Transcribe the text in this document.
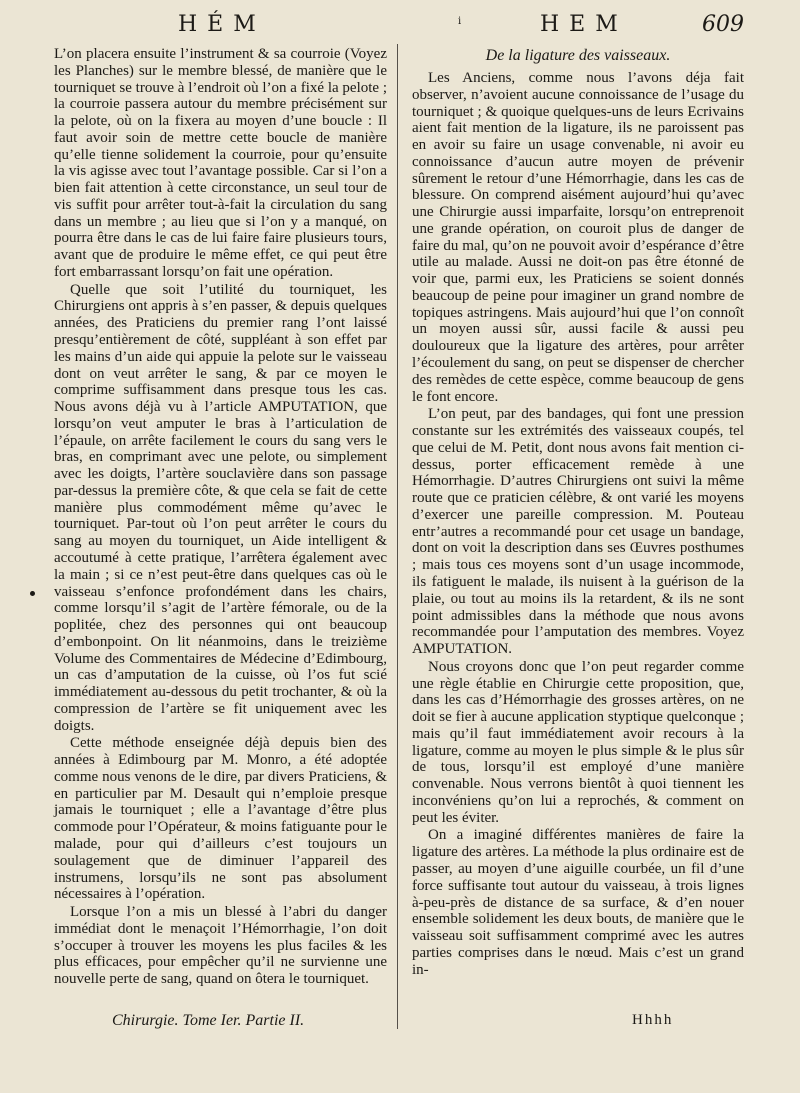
HÉM	i	HEM	609

L’on placera ensuite l’instrument & sa courroie (Voyez les Planches) sur le membre blessé, de manière que le tourniquet se trouve à l’endroit où l’on a fixé la pelote ; la courroie passera autour du membre précisément sur la pelote, où on la fixera au moyen d’une boucle : Il faut avoir soin de mettre cette boucle de manière qu’elle tienne solidement la courroie, pour qu’ensuite la vis agisse avec tout l’avantage possible. Car si l’on a bien fait attention à cette circonstance, un seul tour de vis suffit pour arrêter tout-à-fait la circulation du sang dans un membre ; au lieu que si l’on y a manqué, on pourra être dans le cas de lui faire faire plusieurs tours, avant que de produire le même effet, ce qui peut être fort embarrassant lorsqu’on fait une opération.

Quelle que soit l’utilité du tourniquet, les Chirurgiens ont appris à s’en passer, & depuis quelques années, des Praticiens du premier rang l’ont laissé presqu’entièrement de côté, suppléant à son effet par les mains d’un aide qui appuie la pelote sur le vaisseau dont on veut arrêter le sang, & par ce moyen le comprime suffisamment dans presque tous les cas. Nous avons déjà vu à l’article AMPUTATION, que lorsqu’on veut amputer le bras à l’articulation de l’épaule, on arrête facilement le cours du sang vers le bras, en comprimant avec une pelote, ou simplement avec les doigts, l’artère souclavière dans son passage par-dessus la première côte, & que cela se fait de cette manière plus commodément même qu’avec le tourniquet. Par-tout où l’on peut arrêter le cours du sang au moyen du tourniquet, un Aide intelligent & accoutumé à cette pratique, l’arrêtera également avec la main ; si ce n’est peut-être dans quelques cas où le vaisseau s’enfonce profondément dans les chairs, comme lorsqu’il s’agit de l’artère fémorale, ou de la poplitée, chez des personnes qui ont beaucoup d’embonpoint. On lit néanmoins, dans le treizième Volume des Commentaires de Médecine d’Edimbourg, un cas d’amputation de la cuisse, où l’os fut scié immédiatement au-dessous du petit trochanter, & où la compression de l’artère se fit uniquement avec les doigts.

Cette méthode enseignée déjà depuis bien des années à Edimbourg par M. Monro, a été adoptée comme nous venons de le dire, par divers Praticiens, & en particulier par M. Desault qui n’emploie presque jamais le tourniquet ; elle a l’avantage d’être plus commode pour l’Opérateur, & moins fatiguante pour le malade, pour qui d’ailleurs c’est toujours un soulagement que de diminuer l’appareil des instrumens, lorsqu’ils ne sont pas absolument nécessaires à l’opération.

Lorsque l’on a mis un blessé à l’abri du danger immédiat dont le menaçoit l’Hémorrhagie, l’on doit s’occuper à trouver les moyens les plus faciles & les plus efficaces, pour empêcher qu’il ne survienne une nouvelle perte de sang, quand on ôtera le tourniquet.

De la ligature des vaisseaux.

Les Anciens, comme nous l’avons déja fait observer, n’avoient aucune connoissance de l’usage du tourniquet ; & quoique quelques-uns de leurs Ecrivains aient fait mention de la ligature, ils ne paroissent pas en avoir su faire un usage convenable, ni avoir eu connoissance d’aucun autre moyen de prévenir sûrement le retour d’une Hémorrhagie, dans les cas de blessure. On comprend aisément aujourd’hui qu’avec une Chirurgie aussi imparfaite, lorsqu’on entreprenoit une grande opération, on couroit plus de danger de faire du mal, qu’on ne pouvoit avoir d’espérance d’être utile au malade. Aussi ne doit-on pas être étonné de voir que, parmi eux, les Praticiens se soient donnés beaucoup de peine pour imaginer un grand nombre de topiques astringens. Mais aujourd’hui que l’on connoît un moyen aussi sûr, aussi facile & aussi peu douloureux que la ligature des artères, pour arrêter l’écoulement du sang, on peut se dispenser de chercher des remèdes de cette espèce, comme beaucoup de gens le font encore.

L’on peut, par des bandages, qui font une pression constante sur les extrémités des vaisseaux coupés, tel que celui de M. Petit, dont nous avons fait mention ci-dessus, porter efficacement remède à une Hémorrhagie. D’autres Chirurgiens ont suivi la même route que ce praticien célèbre, & ont varié les moyens d’exercer une pareille compression. M. Pouteau entr’autres a recommandé pour cet usage un bandage, dont on voit la description dans ses Œuvres posthumes ; mais tous ces moyens sont d’un usage incommode, ils fatiguent le malade, ils nuisent à la guérison de la plaie, ou tout au moins ils la retardent, & ils ne sont point admissibles dans la méthode que nous avons recommandée pour l’amputation des membres. Voyez AMPUTATION.

Nous croyons donc que l’on peut regarder comme une règle établie en Chirurgie cette proposition, que, dans les cas d’Hémorrhagie des grosses artères, on ne doit se fier à aucune application styptique quelconque ; mais qu’il faut immédiatement avoir recours à la ligature, comme au moyen le plus simple & le plus sûr de tous, lorsqu’il est employé d’une manière convenable. Nous verrons bientôt à quoi tiennent les inconvéniens qu’on lui a reprochés, & comment on peut les éviter.

On a imaginé différentes manières de faire la ligature des artères. La méthode la plus ordinaire est de passer, au moyen d’une aiguille courbée, un fil d’une force suffisante tout autour du vaisseau, à trois lignes à-peu-près de distance de sa surface, & d’en nouer ensemble solidement les deux bouts, de manière que le vaisseau soit suffisamment comprimé avec les autres parties comprises dans le nœud. Mais c’est un grand in-

Chirurgie. Tome Ier. Partie II.	Hhhh
